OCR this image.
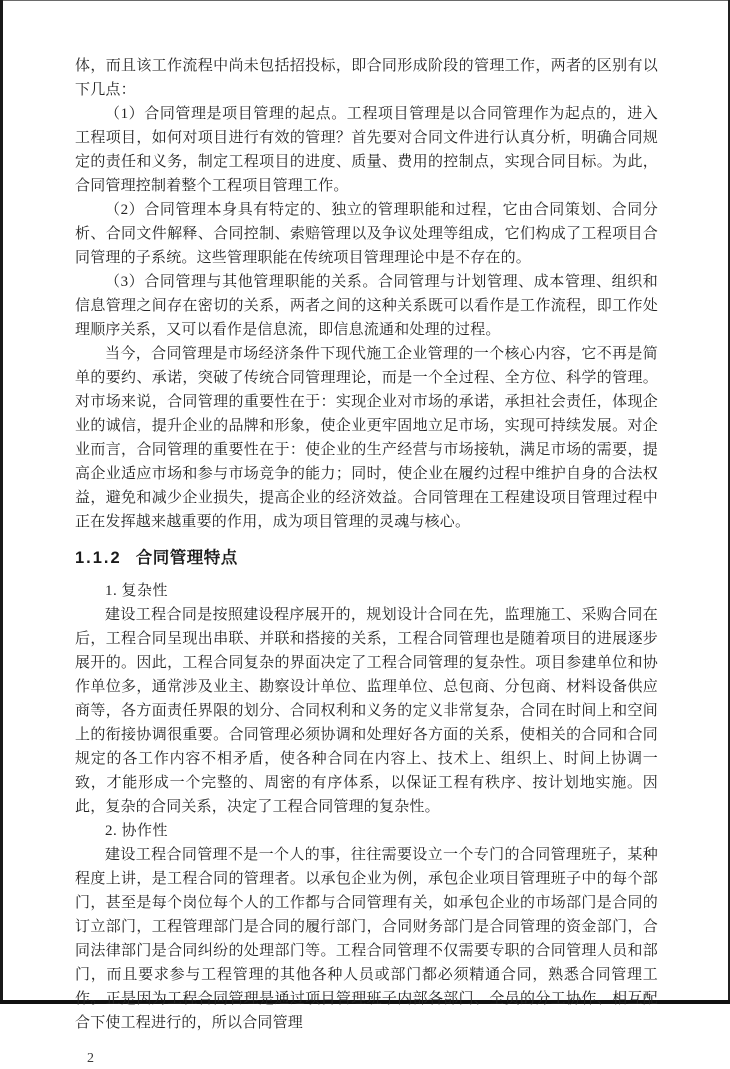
体，而且该工作流程中尚未包括招投标，即合同形成阶段的管理工作，两者的区别有以下几点：

（1）合同管理是项目管理的起点。工程项目管理是以合同管理作为起点的，进入工程项目，如何对项目进行有效的管理？首先要对合同文件进行认真分析，明确合同规定的责任和义务，制定工程项目的进度、质量、费用的控制点，实现合同目标。为此，合同管理控制着整个工程项目管理工作。

（2）合同管理本身具有特定的、独立的管理职能和过程，它由合同策划、合同分析、合同文件解释、合同控制、索赔管理以及争议处理等组成，它们构成了工程项目合同管理的子系统。这些管理职能在传统项目管理理论中是不存在的。

（3）合同管理与其他管理职能的关系。合同管理与计划管理、成本管理、组织和信息管理之间存在密切的关系，两者之间的这种关系既可以看作是工作流程，即工作处理顺序关系，又可以看作是信息流，即信息流通和处理的过程。

当今，合同管理是市场经济条件下现代施工企业管理的一个核心内容，它不再是简单的要约、承诺，突破了传统合同管理理论，而是一个全过程、全方位、科学的管理。对市场来说，合同管理的重要性在于：实现企业对市场的承诺，承担社会责任，体现企业的诚信，提升企业的品牌和形象，使企业更牢固地立足市场，实现可持续发展。对企业而言，合同管理的重要性在于：使企业的生产经营与市场接轨，满足市场的需要，提高企业适应市场和参与市场竞争的能力；同时，使企业在履约过程中维护自身的合法权益，避免和减少企业损失，提高企业的经济效益。合同管理在工程建设项目管理过程中正在发挥越来越重要的作用，成为项目管理的灵魂与核心。

1.1.2 合同管理特点

1. 复杂性

建设工程合同是按照建设程序展开的，规划设计合同在先，监理施工、采购合同在后，工程合同呈现出串联、并联和搭接的关系，工程合同管理也是随着项目的进展逐步展开的。因此，工程合同复杂的界面决定了工程合同管理的复杂性。项目参建单位和协作单位多，通常涉及业主、勘察设计单位、监理单位、总包商、分包商、材料设备供应商等，各方面责任界限的划分、合同权利和义务的定义非常复杂，合同在时间上和空间上的衔接协调很重要。合同管理必须协调和处理好各方面的关系，使相关的合同和合同规定的各工作内容不相矛盾，使各种合同在内容上、技术上、组织上、时间上协调一致，才能形成一个完整的、周密的有序体系，以保证工程有秩序、按计划地实施。因此，复杂的合同关系，决定了工程合同管理的复杂性。

2. 协作性

建设工程合同管理不是一个人的事，往往需要设立一个专门的合同管理班子，某种程度上讲，是工程合同的管理者。以承包企业为例，承包企业项目管理班子中的每个部门，甚至是每个岗位每个人的工作都与合同管理有关，如承包企业的市场部门是合同的订立部门，工程管理部门是合同的履行部门，合同财务部门是合同管理的资金部门，合同法律部门是合同纠纷的处理部门等。工程合同管理不仅需要专职的合同管理人员和部门，而且要求参与工程管理的其他各种人员或部门都必须精通合同，熟悉合同管理工作。正是因为工程合同管理是通过项目管理班子内部各部门、全员的分工协作、相互配合下使工程进行的，所以合同管理

2
